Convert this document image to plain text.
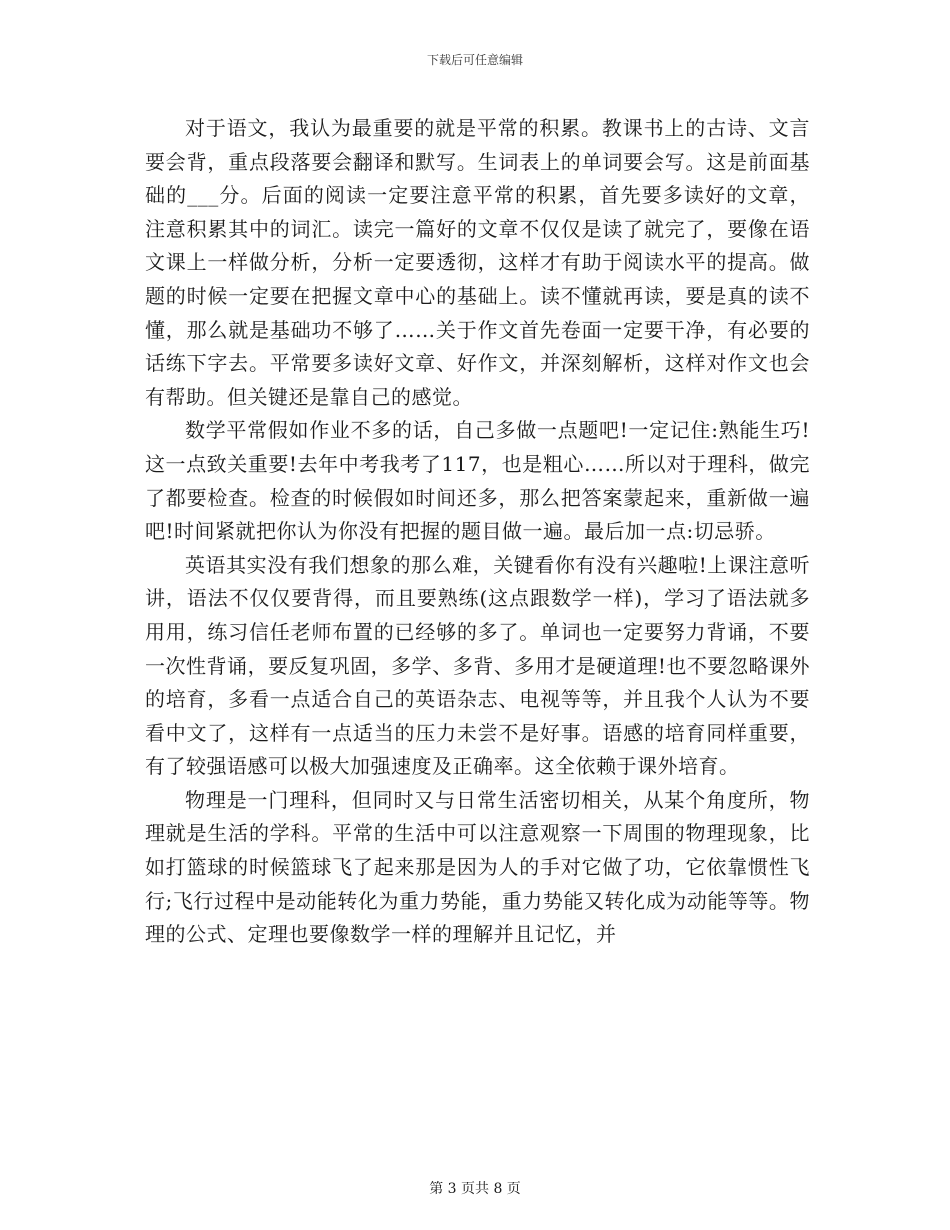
下载后可任意编辑

对于语文，我认为最重要的就是平常的积累。教课书上的古诗、文言要会背，重点段落要会翻译和默写。生词表上的单词要会写。这是前面基础的___分。后面的阅读一定要注意平常的积累，首先要多读好的文章，注意积累其中的词汇。读完一篇好的文章不仅仅是读了就完了，要像在语文课上一样做分析，分析一定要透彻，这样才有助于阅读水平的提高。做题的时候一定要在把握文章中心的基础上。读不懂就再读，要是真的读不懂，那么就是基础功不够了……关于作文首先卷面一定要干净，有必要的话练下字去。平常要多读好文章、好作文，并深刻解析，这样对作文也会有帮助。但关键还是靠自己的感觉。

数学平常假如作业不多的话，自己多做一点题吧!一定记住:熟能生巧!这一点致关重要!去年中考我考了117，也是粗心……所以对于理科，做完了都要检查。检查的时候假如时间还多，那么把答案蒙起来，重新做一遍吧!时间紧就把你认为你没有把握的题目做一遍。最后加一点:切忌骄。

英语其实没有我们想象的那么难，关键看你有没有兴趣啦!上课注意听讲，语法不仅仅要背得，而且要熟练(这点跟数学一样)，学习了语法就多用用，练习信任老师布置的已经够的多了。单词也一定要努力背诵，不要一次性背诵，要反复巩固，多学、多背、多用才是硬道理!也不要忽略课外的培育，多看一点适合自己的英语杂志、电视等等，并且我个人认为不要看中文了，这样有一点适当的压力未尝不是好事。语感的培育同样重要，有了较强语感可以极大加强速度及正确率。这全依赖于课外培育。

物理是一门理科，但同时又与日常生活密切相关，从某个角度所，物理就是生活的学科。平常的生活中可以注意观察一下周围的物理现象，比如打篮球的时候篮球飞了起来那是因为人的手对它做了功，它依靠惯性飞行;飞行过程中是动能转化为重力势能，重力势能又转化成为动能等等。物理的公式、定理也要像数学一样的理解并且记忆，并

第 3 页共 8 页
